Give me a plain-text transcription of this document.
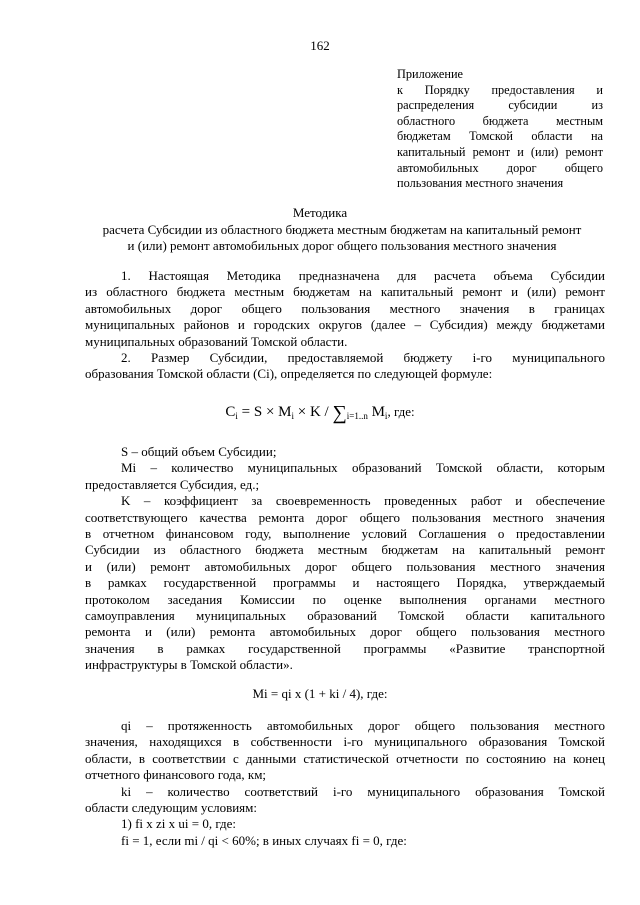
162
Приложение
к Порядку предоставления и
распределения субсидии из
областного бюджета местным
бюджетам Томской области на
капитальный ремонт и (или) ремонт
автомобильных дорог общего
пользования местного значения
Методика
расчета Субсидии из областного бюджета местным бюджетам на капитальный ремонт
и (или) ремонт автомобильных дорог общего пользования местного значения
1. Настоящая Методика предназначена для расчета объема Субсидии
из областного бюджета местным бюджетам на капитальный ремонт и (или) ремонт
автомобильных дорог общего пользования местного значения в границах
муниципальных районов и городских округов (далее – Субсидия) между бюджетами
муниципальных образований Томской области.
2. Размер Субсидии, предоставляемой бюджету i-го муниципального
образования Томской области (Ci), определяется по следующей формуле:
$C_i = S \times M_i \times K / \sum_{i=1..n}$ $M_i$, где:
S – общий объем Субсидии;
Mi – количество муниципальных образований Томской области, которым
предоставляется Субсидия, ед.;
K – коэффициент за своевременность проведенных работ и обеспечение
соответствующего качества ремонта дорог общего пользования местного значения
в отчетном финансовом году, выполнение условий Соглашения о предоставлении
Субсидии из областного бюджета местным бюджетам на капитальный ремонт
и (или) ремонт автомобильных дорог общего пользования местного значения
в рамках государственной программы и настоящего Порядка, утверждаемый
протоколом заседания Комиссии по оценке выполнения органами местного
самоуправления муниципальных образований Томской области капитального
ремонта и (или) ремонта автомобильных дорог общего пользования местного
значения в рамках государственной программы «Развитие транспортной
инфраструктуры в Томской области».
Mi = qi x (1 + ki / 4), где:
qi – протяженность автомобильных дорог общего пользования местного
значения, находящихся в собственности i-го муниципального образования Томской
области, в соответствии с данными статистической отчетности по состоянию на конец
отчетного финансового года, км;
ki – количество соответствий i-го муниципального образования Томской
области следующим условиям:
1) fi x zi x ui = 0, где:
fi = 1, если mi / qi < 60%; в иных случаях fi = 0, где:
